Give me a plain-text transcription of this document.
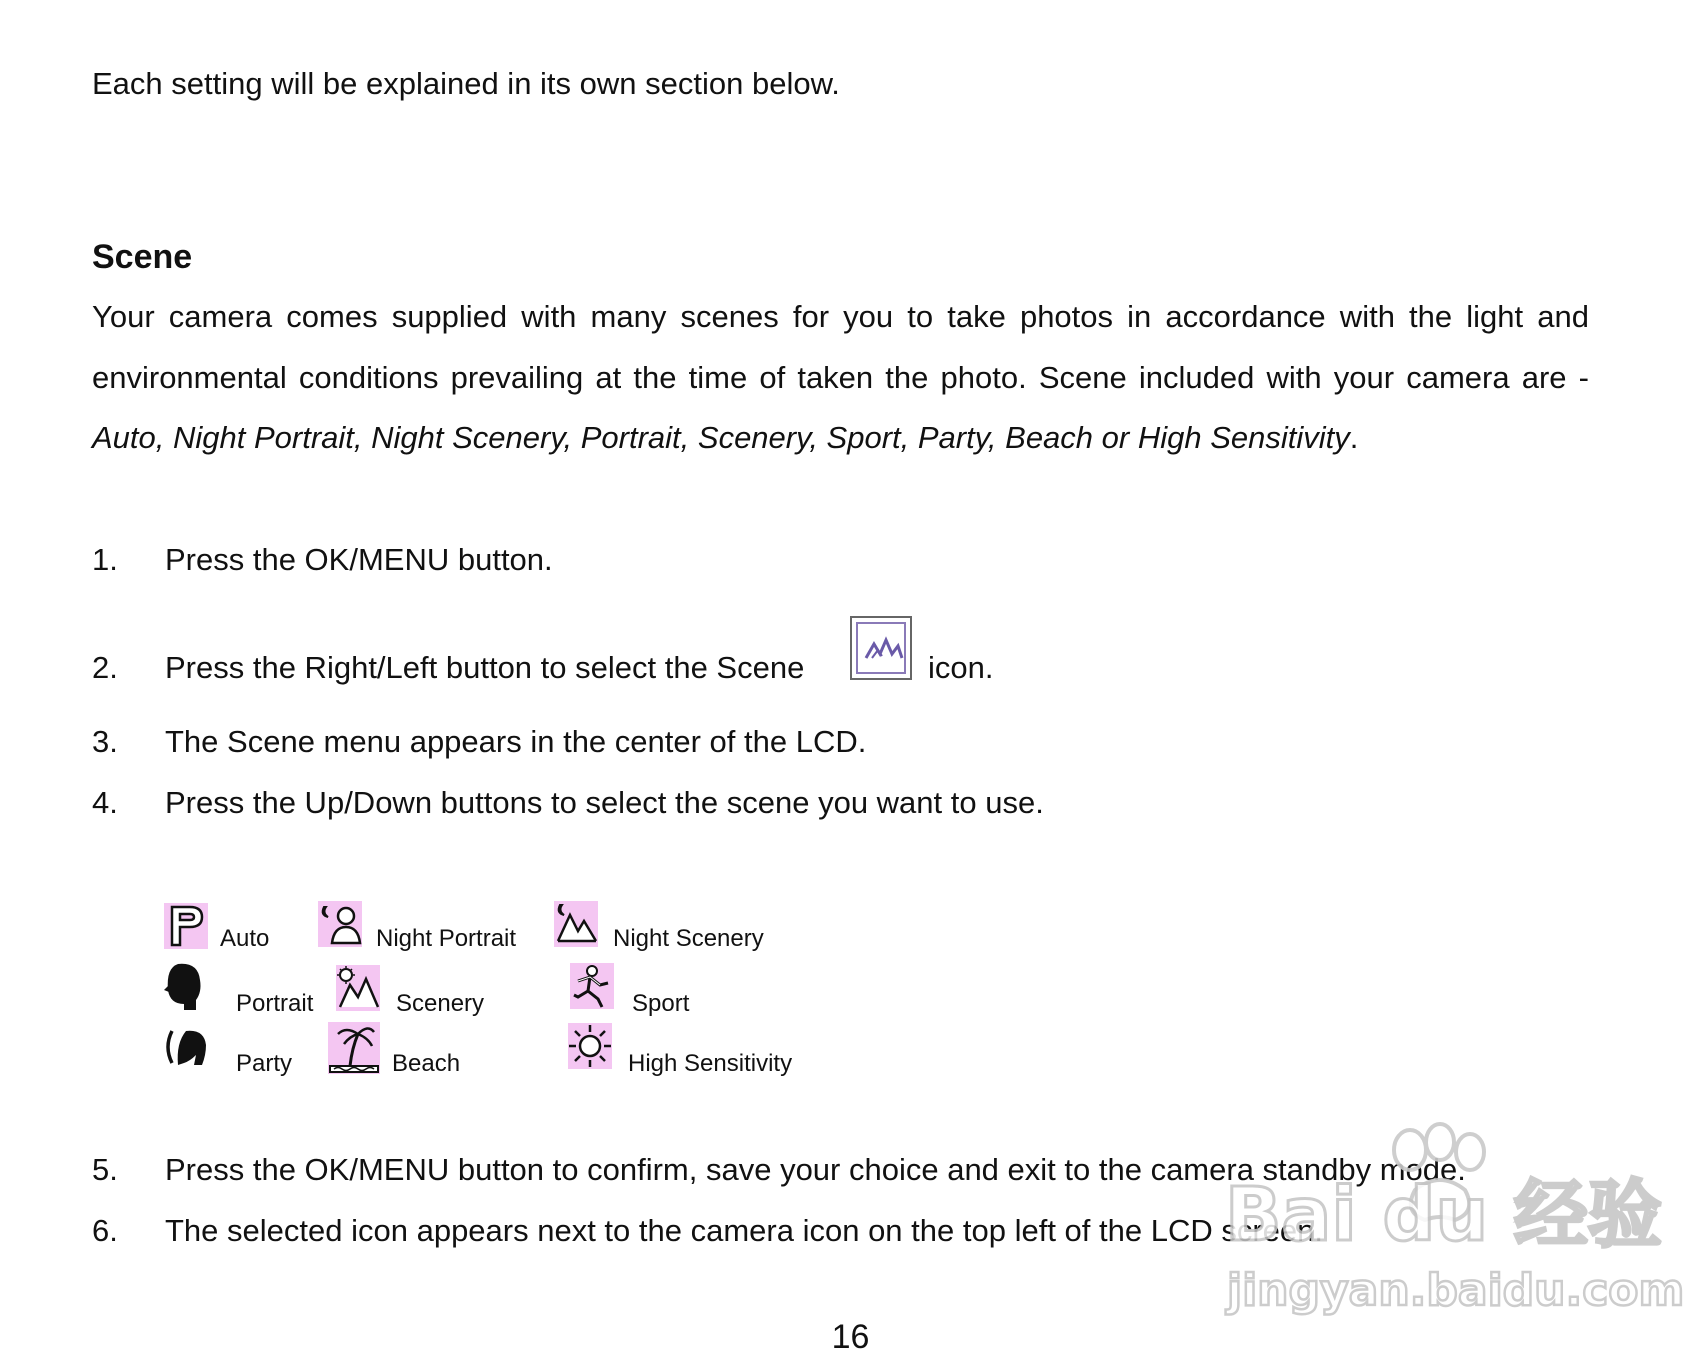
Each setting will be explained in its own section below.
Scene
Your camera comes supplied with many scenes for you to take photos in accordance with the light and
environmental conditions prevailing at the time of taken the photo. Scene included with your camera are -
Auto, Night Portrait, Night Scenery, Portrait, Scenery, Sport, Party, Beach or High Sensitivity.
1. Press the OK/MENU button.
2. Press the Right/Left button to select the Scene	icon.
3. The Scene menu appears in the center of the LCD.
4. Press the Up/Down buttons to select the scene you want to use.
Auto	Night Portrait	Night Scenery
Portrait	Scenery	Sport
Party	Beach	High Sensitivity
5. Press the OK/MENU button to confirm, save your choice and exit to the camera standby mode.
6. The selected icon appears next to the camera icon on the top left of the LCD screen.
Bai du 经验
jingyan.baidu.com
16
